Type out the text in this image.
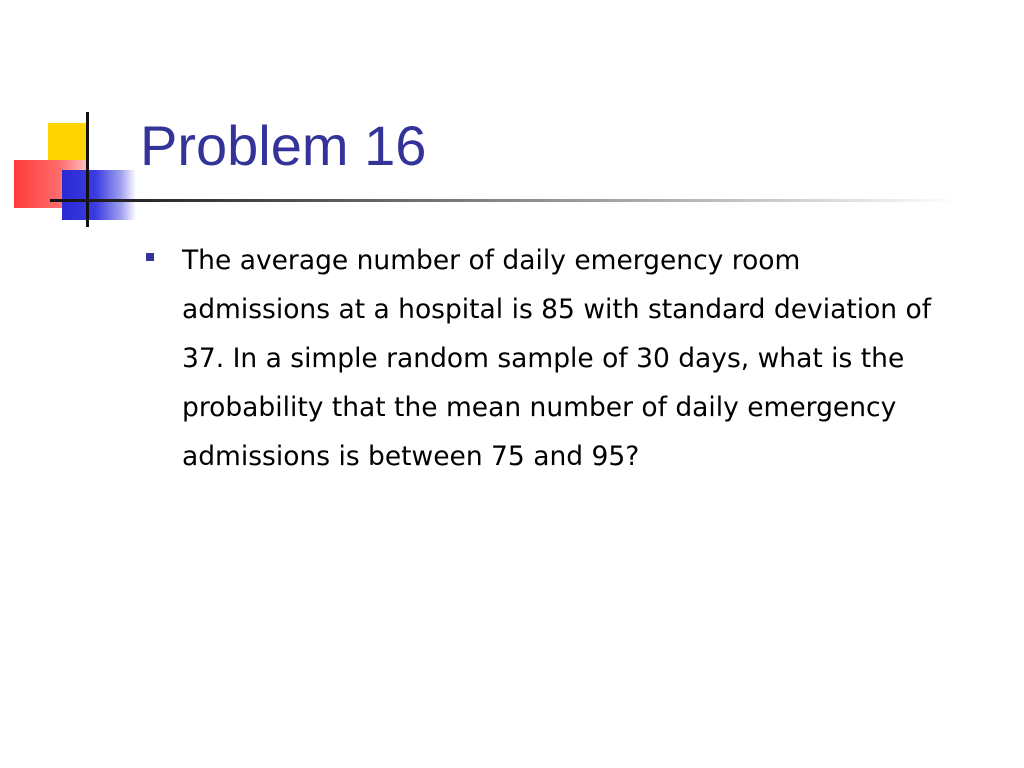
Problem 16
The average number of daily emergency room admissions at a hospital is 85 with standard deviation of 37. In a simple random sample of 30 days, what is the probability that the mean number of daily emergency admissions is between 75 and 95?
